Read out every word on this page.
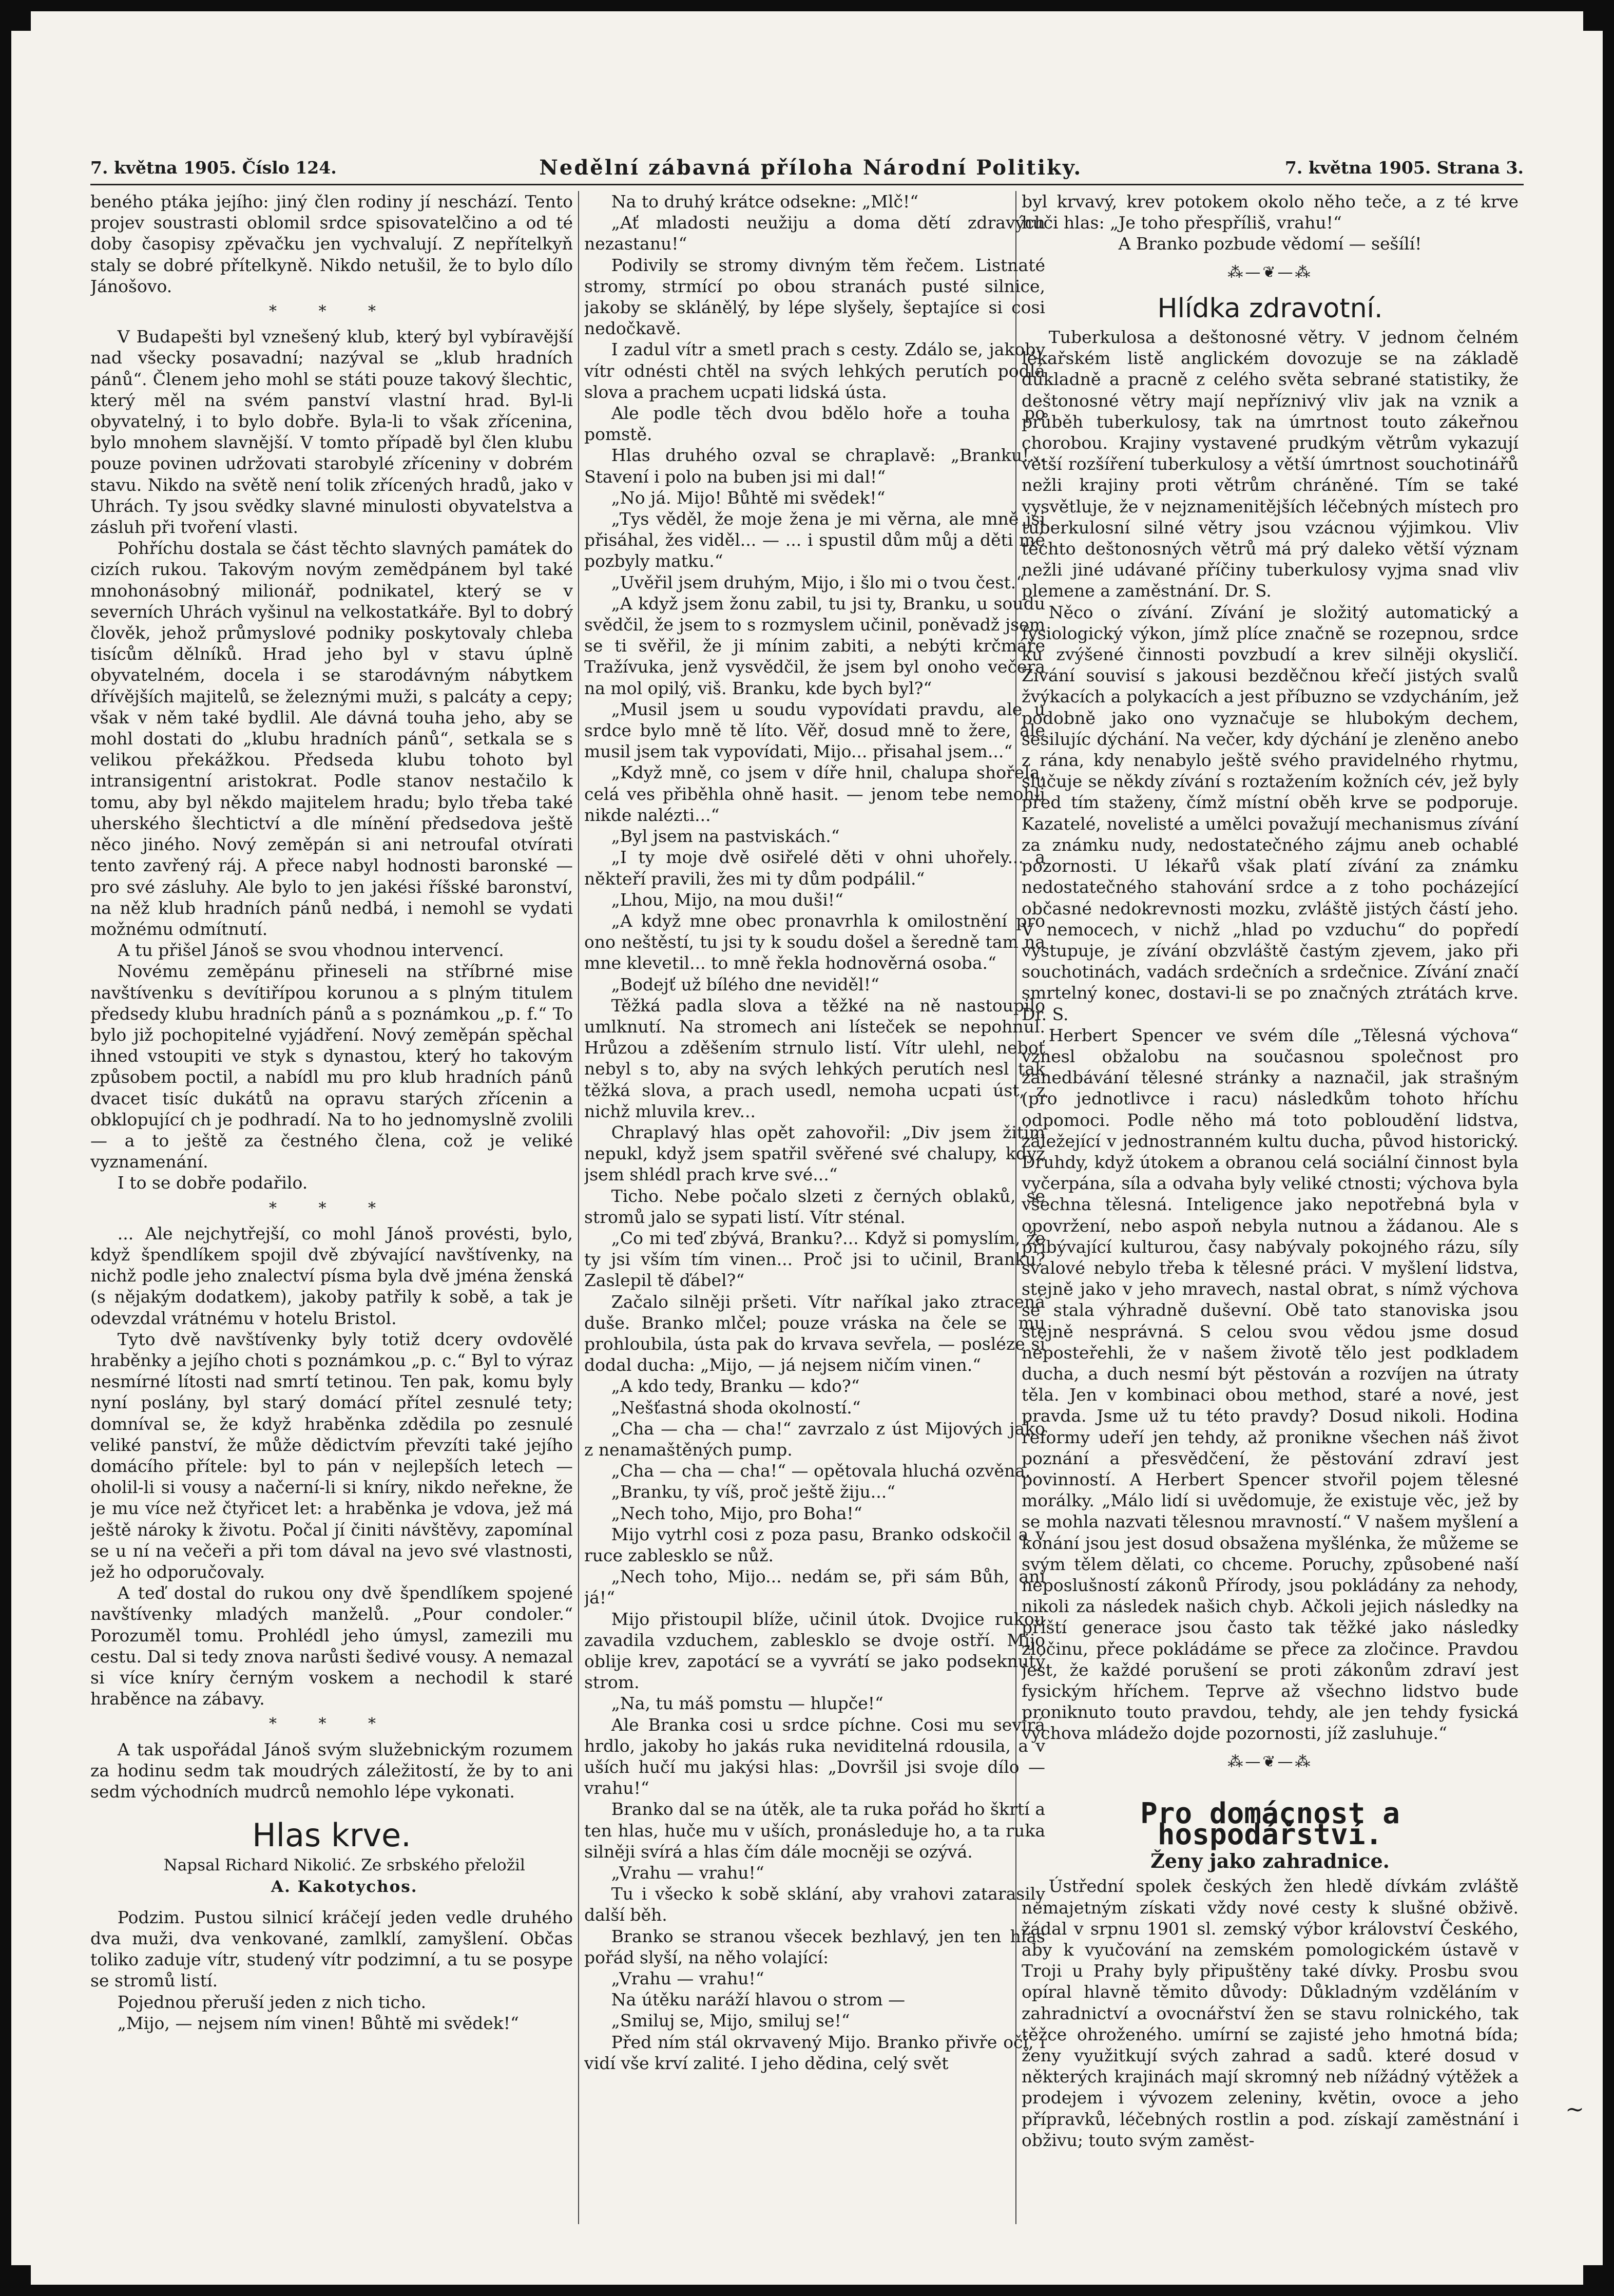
7. května 1905. Číslo 124.	Nedělní zábavná příloha Národní Politiky.	7. května 1905. Strana 3.

beného ptáka jejího: jiný člen rodiny jí neschází. Tento projev soustrasti oblomil srdce spisovatelčino a od té doby časopisy zpěvačku jen vychvalují. Z nepřítelkyň staly se dobré přítelkyně. Nikdo netušil, že to bylo dílo Jánošovo.

* * *

V Budapešti byl vznešený klub, který byl vybíravější nad všecky posavadní; nazýval se „klub hradních pánů“. Členem jeho mohl se státi pouze takový šlechtic, který měl na svém panství vlastní hrad. Byl-li obyvatelný, i to bylo dobře. Byla-li to však zřícenina, bylo mnohem slavnější. V tomto případě byl člen klubu pouze povinen udržovati starobylé zříceniny v dobrém stavu. Nikdo na světě není tolik zřícených hradů, jako v Uhrách. Ty jsou svědky slavné minulosti obyvatelstva a zásluh při tvoření vlasti.

Pohříchu dostala se část těchto slavných památek do cizích rukou. Takovým novým zemědpánem byl také mnohonásobný milionář, podnikatel, který se v severních Uhrách vyšinul na velkostatkáře. Byl to dobrý člověk, jehož průmyslové podniky poskytovaly chleba tisícům dělníků. Hrad jeho byl v stavu úplně obyvatelném, docela i se starodávným nábytkem dřívějších majitelů, se železnými muži, s palcáty a cepy; však v něm také bydlil. Ale dávná touha jeho, aby se mohl dostati do „klubu hradních pánů“, setkala se s velikou překážkou. Předseda klubu tohoto byl intransigentní aristokrat. Podle stanov nestačilo k tomu, aby byl někdo majitelem hradu; bylo třeba také uherského šlechtictví a dle mínění předsedova ještě něco jiného. Nový zeměpán si ani netroufal otvírati tento zavřený ráj. A přece nabyl hodnosti baronské — pro své zásluhy. Ale bylo to jen jakési říšské baronství, na něž klub hradních pánů nedbá, i nemohl se vydati možnému odmítnutí.

A tu přišel Jánoš se svou vhodnou intervencí.

Novému zeměpánu přineseli na stříbrné mise navštívenku s devítiřípou korunou a s plným titulem předsedy klubu hradních pánů a s poznámkou „p. f.“ To bylo již pochopitelné vyjádření. Nový zeměpán spěchal ihned vstoupiti ve styk s dynastou, který ho takovým způsobem poctil, a nabídl mu pro klub hradních pánů dvacet tisíc dukátů na opravu starých zřícenin a obklopující ch je podhradí. Na to ho jednomyslně zvolili — a to ještě za čestného člena, což je veliké vyznamenání.

I to se dobře podařilo.

* * *

... Ale nejchytřejší, co mohl Jánoš provésti, bylo, když špendlíkem spojil dvě zbývající navštívenky, na nichž podle jeho znalectví písma byla dvě jména ženská (s nějakým dodatkem), jakoby patřily k sobě, a tak je odevzdal vrátnému v hotelu Bristol.

Tyto dvě navštívenky byly totiž dcery ovdovělé hraběnky a jejího choti s poznámkou „p. c.“ Byl to výraz nesmírné lítosti nad smrtí tetinou. Ten pak, komu byly nyní poslány, byl starý domácí přítel zesnulé tety; domníval se, že když hraběnka zdědila po zesnulé veliké panství, že může dědictvím převzíti také jejího domácího přítele: byl to pán v nejlepších letech — oholil-li si vousy a načerní-li si kníry, nikdo neřekne, že je mu více než čtyřicet let: a hraběnka je vdova, jež má ještě nároky k životu. Počal jí činiti návštěvy, zapomínal se u ní na večeři a při tom dával na jevo své vlastnosti, jež ho odporučovaly.

A teď dostal do rukou ony dvě špendlíkem spojené navštívenky mladých manželů. „Pour condoler.“ Porozuměl tomu. Prohlédl jeho úmysl, zamezili mu cestu. Dal si tedy znova narůsti šedivé vousy. A nemazal si více kníry černým voskem a nechodil k staré hraběnce na zábavy.

* * *

A tak uspořádal Jánoš svým služebnickým rozumem za hodinu sedm tak moudrých záležitostí, že by to ani sedm východních mudrců nemohlo lépe vykonati.

Hlas krve.

Napsal Richard Nikolić. Ze srbského přeložil

A. Kakotychos.

Podzim. Pustou silnicí kráčejí jeden vedle druhého dva muži, dva venkované, zamlklí, zamyšlení. Občas toliko zaduje vítr, studený vítr podzimní, a tu se posype se stromů listí.

Pojednou přeruší jeden z nich ticho.

„Mijo, — nejsem ním vinen! Bůhtě mi svědek!“

Na to druhý krátce odsekne: „Mlč!“

„Ať mladosti neužiju a doma dětí zdravých nezastanu!“

Podivily se stromy divným těm řečem. Listnaté stromy, strmící po obou stranách pusté silnice, jakoby se sklánělý, by lépe slyšely, šeptajíce si cosi nedočkavě.

I zadul vítr a smetl prach s cesty. Zdálo se, jakoby vítr odnésti chtěl na svých lehkých perutích podlá slova a prachem ucpati lidská ústa.

Ale podle těch dvou bdělo hoře a touha po pomstě.

Hlas druhého ozval se chraplavě: „Branku!... Stavení i polo na buben jsi mi dal!“

„No já. Mijo! Bůhtě mi svědek!“

„Tys věděl, že moje žena je mi věrna, ale mně jsi přisáhal, žes viděl... — ... i spustil dům můj a děti mé pozbyly matku.“

„Uvěřil jsem druhým, Mijo, i šlo mi o tvou čest.“

„A když jsem žonu zabil, tu jsi ty, Branku, u soudu svědčil, že jsem to s rozmyslem učinil, poněvadž jsem se ti svěřil, že ji mínim zabiti, a nebýti krčmáře Tražívuka, jenž vysvědčil, že jsem byl onoho večera na mol opilý, viš. Branku, kde bych byl?“

„Musil jsem u soudu vypovídati pravdu, ale u srdce bylo mně tě líto. Věř, dosud mně to žere, ale musil jsem tak vypovídati, Mijo... přisahal jsem...“

„Když mně, co jsem v díře hnil, chalupa shořela, celá ves přiběhla ohně hasit. — jenom tebe nemohli nikde nalézti...“

„Byl jsem na pastviskách.“

„I ty moje dvě osiřelé děti v ohni uhořely... a někteří pravili, žes mi ty dům podpálil.“

„Lhou, Mijo, na mou duši!“

„A když mne obec pronavrhla k omilostnění pro ono neštěstí, tu jsi ty k soudu došel a šeredně tam na mne klevetil... to mně řekla hodnověrná osoba.“

„Bodejť už bílého dne neviděl!“

Těžká padla slova a těžké na ně nastoupilo umlknutí. Na stromech ani lísteček se nepohnul. Hrůzou a zděšením strnulo listí. Vítr ulehl, neboť nebyl s to, aby na svých lehkých perutích nesl tak těžká slova, a prach usedl, nemoha ucpati úst, z nichž mluvila krev...

Chraplavý hlas opět zahovořil: „Div jsem žitím nepukl, když jsem spatřil svěřené své chalupy, když jsem shlédl prach krve své...“

Ticho. Nebe počalo slzeti z černých oblaků, se stromů jalo se sypati listí. Vítr sténal.

„Co mi teď zbývá, Branku?... Když si pomyslím, že ty jsi vším tím vinen... Proč jsi to učinil, Branku? Zaslepil tě ďábel?“

Začalo silněji pršeti. Vítr naříkal jako ztracená duše. Branko mlčel; pouze vráska na čele se mu prohloubila, ústa pak do krvava sevřela, — posléze si dodal ducha: „Mijo, — já nejsem ničím vinen.“

„A kdo tedy, Branku — kdo?“

„Nešťastná shoda okolností.“

„Cha — cha — cha!“ zavrzalo z úst Mijových jako z nenamaštěných pump.

„Cha — cha — cha!“ — opětovala hluchá ozvěna.

„Branku, ty víš, proč ještě žiju...“

„Nech toho, Mijo, pro Boha!“

Mijo vytrhl cosi z poza pasu, Branko odskočil a v ruce zablesklo se nůž.

„Nech toho, Mijo... nedám se, při sám Bůh, ani já!“

Mijo přistoupil blíže, učinil útok. Dvojice rukou zavadila vzduchem, zablesklo se dvoje ostří. Mijo oblije krev, zapotácí se a vyvrátí se jako podseknutý strom.

„Na, tu máš pomstu — hlupče!“

Ale Branka cosi u srdce píchne. Cosi mu sevírá hrdlo, jakoby ho jakás ruka neviditelná rdousila, a v uších hučí mu jakýsi hlas: „Dovršil jsi svoje dílo — vrahu!“

Branko dal se na útěk, ale ta ruka pořád ho škrtí a ten hlas, huče mu v uších, pronásleduje ho, a ta ruka silněji svírá a hlas čím dále mocněji se ozývá.

„Vrahu — vrahu!“

Tu i všecko k sobě sklání, aby vrahovi zatarasily další běh.

Branko se stranou všecek bezhlavý, jen ten hlas pořád slyší, na něho volající:

„Vrahu — vrahu!“

Na útěku naráží hlavou o strom —

„Smiluj se, Mijo, smiluj se!“

Před ním stál okrvavený Mijo. Branko přivře oči, i vidí vše krví zalité. I jeho dědina, celý svět

byl krvavý, krev potokem okolo něho teče, a z té krve huči hlas: „Je toho přespříliš, vrahu!“

A Branko pozbude vědomí — sešílí!

⁂—❦—⁂
Hlídka zdravotní.

Tuberkulosa a deštonosné větry. V jednom čelném lékařském listě anglickém dovozuje se na základě důkladně a pracně z celého světa sebrané statistiky, že deštonosné větry mají nepříznivý vliv jak na vznik a průběh tuberkulosy, tak na úmrtnost touto zákeřnou chorobou. Krajiny vystavené prudkým větrům vykazují větší rozšíření tuberkulosy a větší úmrtnost souchotinářů nežli krajiny proti větrům chráněné. Tím se také vysvětluje, že v nejznamenitějších léčebných místech pro tuberkulosní silné větry jsou vzácnou výjimkou. Vliv těchto deštonosných větrů má prý daleko větší význam nežli jiné udávané příčiny tuberkulosy vyjma snad vliv plemene a zaměstnání. Dr. S.

Něco o zívání. Zívání je složitý automatický a fysiologický výkon, jímž plíce značně se rozepnou, srdce ku zvýšené činnosti povzbudí a krev silněji okysličí. Zívání souvisí s jakousi bezděčnou křečí jistých svalů žvýkacích a polykacích a jest příbuzno se vzdycháním, jež podobně jako ono vyznačuje se hlubokým dechem, sesilujíc dýchání. Na večer, kdy dýchání je zleněno anebo z rána, kdy nenabylo ještě svého pravidelného rhytmu, slučuje se někdy zívání s roztažením kožních cév, jež byly před tím staženy, čímž místní oběh krve se podporuje. Kazatelé, novelisté a umělci považují mechanismus zívání za známku nudy, nedostatečného zájmu aneb ochablé pozornosti. U lékařů však platí zívání za známku nedostatečného stahování srdce a z toho pocházející občasné nedokrevnosti mozku, zvláště jistých částí jeho. V nemocech, v nichž „hlad po vzduchu“ do popředí vystupuje, je zívání obzvláště častým zjevem, jako při souchotinách, vadách srdečních a srdečnice. Zívání značí smrtelný konec, dostavi-li se po značných ztrátách krve. Dr. S.

Herbert Spencer ve svém díle „Tělesná výchova“ vznesl obžalobu na současnou společnost pro zanedbávání tělesné stránky a naznačil, jak strašným (pro jednotlivce i racu) následkům tohoto hříchu odpomoci. Podle něho má toto pobloudění lidstva, záležející v jednostranném kultu ducha, původ historický. Druhdy, když útokem a obranou celá sociální činnost byla vyčerpána, síla a odvaha byly veliké ctnosti; výchova byla všechna tělesná. Inteligence jako nepotřebná byla v opovržení, nebo aspoň nebyla nutnou a žádanou. Ale s příbývající kulturou, časy nabývaly pokojného rázu, síly svalové nebylo třeba k tělesné práci. V myšlení lidstva, stejně jako v jeho mravech, nastal obrat, s nímž výchova se stala výhradně duševní. Obě tato stanoviska jsou stejně nesprávná. S celou svou vědou jsme dosud neposteřehli, že v našem životě tělo jest podkladem ducha, a duch nesmí být pěstován a rozvíjen na útraty těla. Jen v kombinaci obou method, staré a nové, jest pravda. Jsme už tu této pravdy? Dosud nikoli. Hodina reformy udeří jen tehdy, až pronikne všechen náš život poznání a přesvědčení, že pěstování zdraví jest povinností. A Herbert Spencer stvořil pojem tělesné morálky. „Málo lidí si uvědomuje, že existuje věc, jež by se mohla nazvati tělesnou mravností.“ V našem myšlení a konání jsou jest dosud obsažena myšlénka, že můžeme se svým tělem dělati, co chceme. Poruchy, způsobené naší neposlušností zákonů Přírody, jsou pokládány za nehody, nikoli za následek našich chyb. Ačkoli jejich následky na příští generace jsou často tak těžké jako následky zločinu, přece pokládáme se přece za zločince. Pravdou jest, že každé porušení se proti zákonům zdraví jest fysickým hříchem. Teprve až všechno lidstvo bude proniknuto touto pravdou, tehdy, ale jen tehdy fysická výchova mládežo dojde pozornosti, jíž zasluhuje.“

⁂—❦—⁂
Pro domácnost a hospodářství.
Ženy jako zahradnice.

Ústřední spolek českých žen hledě dívkám zvláště nemajetným získati vždy nové cesty k slušné obživě. žádal v srpnu 1901 sl. zemský výbor království Českého, aby k vyučování na zemském pomologickém ústavě v Troji u Prahy byly připuštěny také dívky. Prosbu svou opíral hlavně těmito důvody: Důkladným vzděláním v zahradnictví a ovocnářství žen se stavu rolnického, tak těžce ohroženého. umírní se zajisté jeho hmotná bída; ženy využitkují svých zahrad a sadů. které dosud v některých krajinách mají skromný neb nížádný výtěžek a prodejem i vývozem zeleniny, květin, ovoce a jeho přípravků, léčebných rostlin a pod. získají zaměstnání i obživu; touto svým zaměst-

~
